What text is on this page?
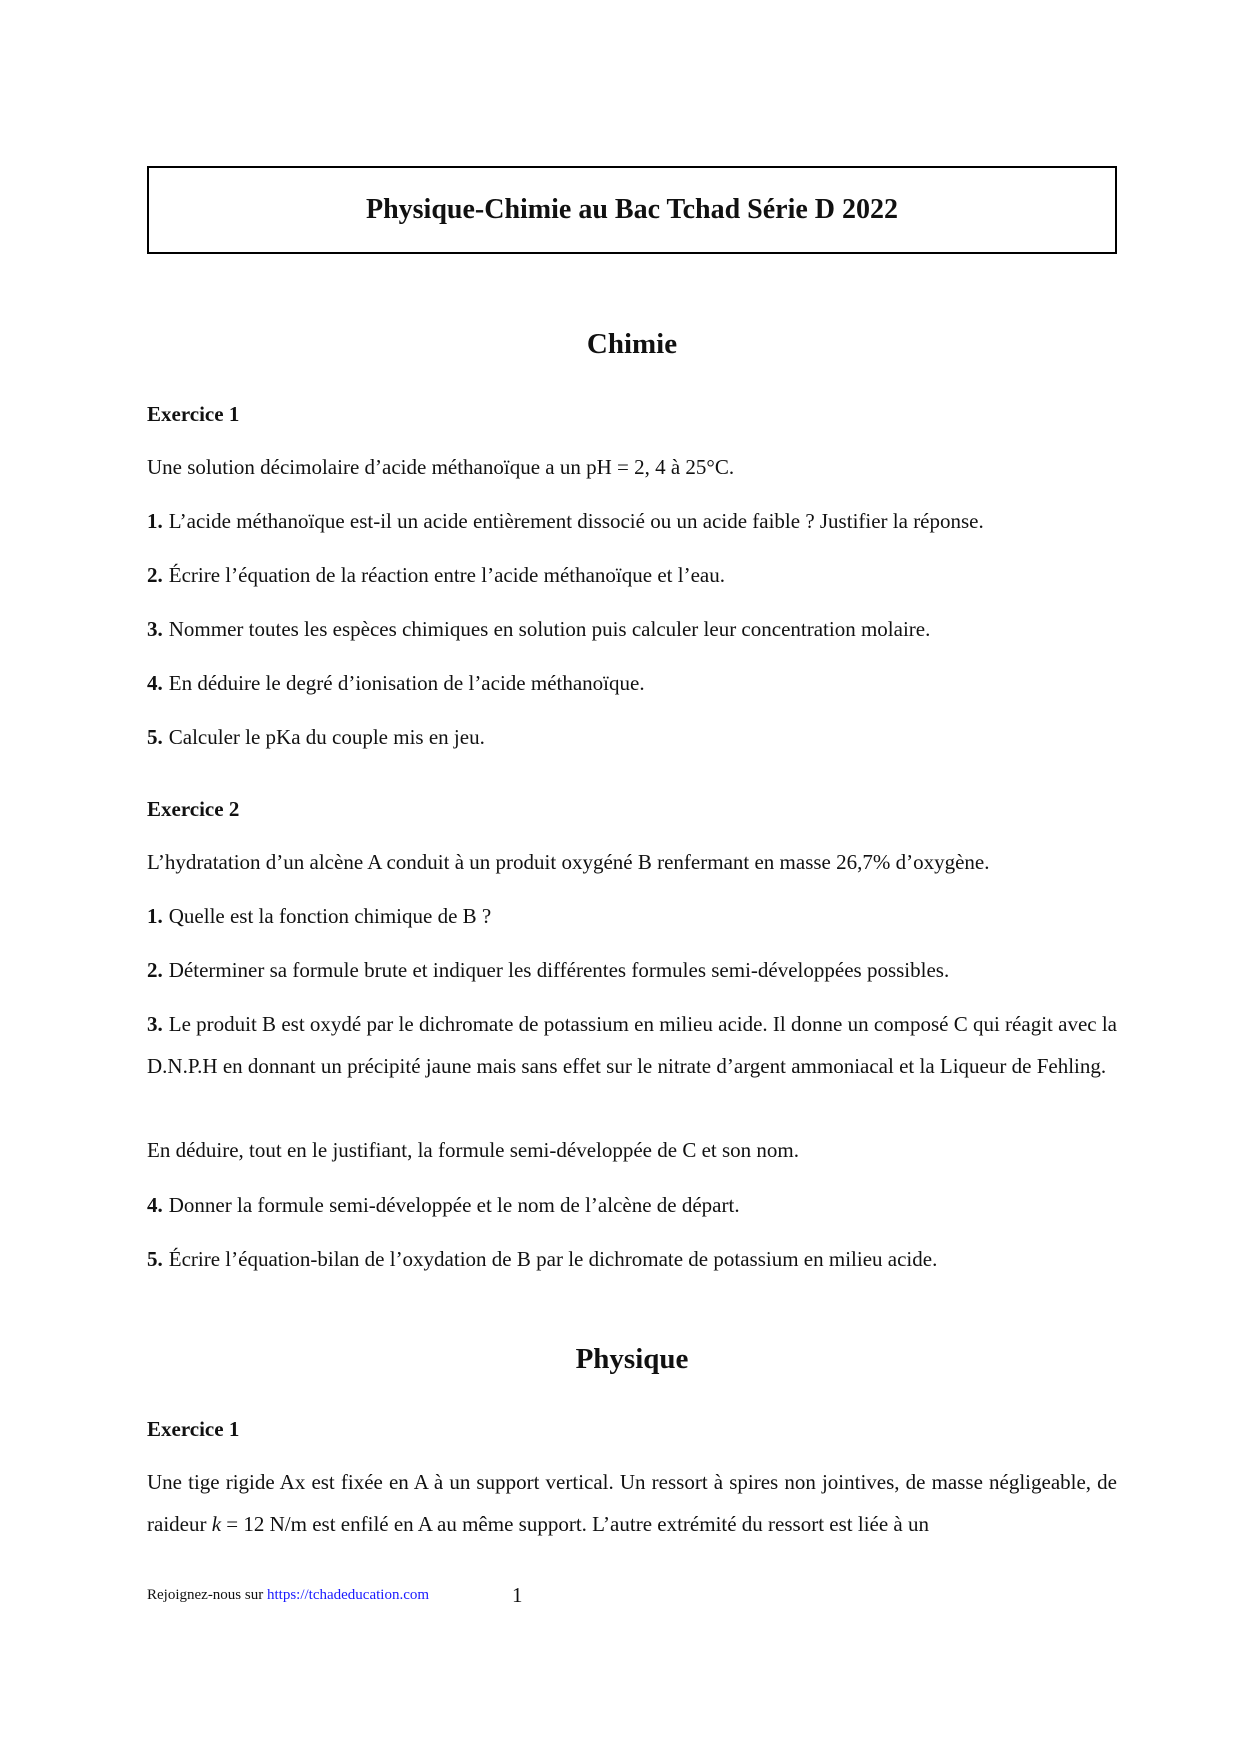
Physique-Chimie au Bac Tchad Série D 2022
Chimie
Exercice 1

Une solution décimolaire d’acide méthanoïque a un pH = 2, 4 à 25°C.

1. L’acide méthanoïque est-il un acide entièrement dissocié ou un acide faible ? Justifier la réponse.

2. Écrire l’équation de la réaction entre l’acide méthanoïque et l’eau.

3. Nommer toutes les espèces chimiques en solution puis calculer leur concentration molaire.

4. En déduire le degré d’ionisation de l’acide méthanoïque.

5. Calculer le pKa du couple mis en jeu.

Exercice 2

L’hydratation d’un alcène A conduit à un produit oxygéné B renfermant en masse 26,7% d’oxygène.

1. Quelle est la fonction chimique de B ?

2. Déterminer sa formule brute et indiquer les différentes formules semi-développées possibles.

3. Le produit B est oxydé par le dichromate de potassium en milieu acide. Il donne un composé C qui réagit avec la D.N.P.H en donnant un précipité jaune mais sans effet sur le nitrate d’argent ammoniacal et la Liqueur de Fehling.

En déduire, tout en le justifiant, la formule semi-développée de C et son nom.

4. Donner la formule semi-développée et le nom de l’alcène de départ.

5. Écrire l’équation-bilan de l’oxydation de B par le dichromate de potassium en milieu acide.

Physique
Exercice 1

Une tige rigide Ax est fixée en A à un support vertical. Un ressort à spires non jointives, de masse négligeable, de raideur k = 12 N/m est enfilé en A au même support. L’autre extrémité du ressort est liée à un

Rejoignez-nous sur https://tchadeducation.com	1
